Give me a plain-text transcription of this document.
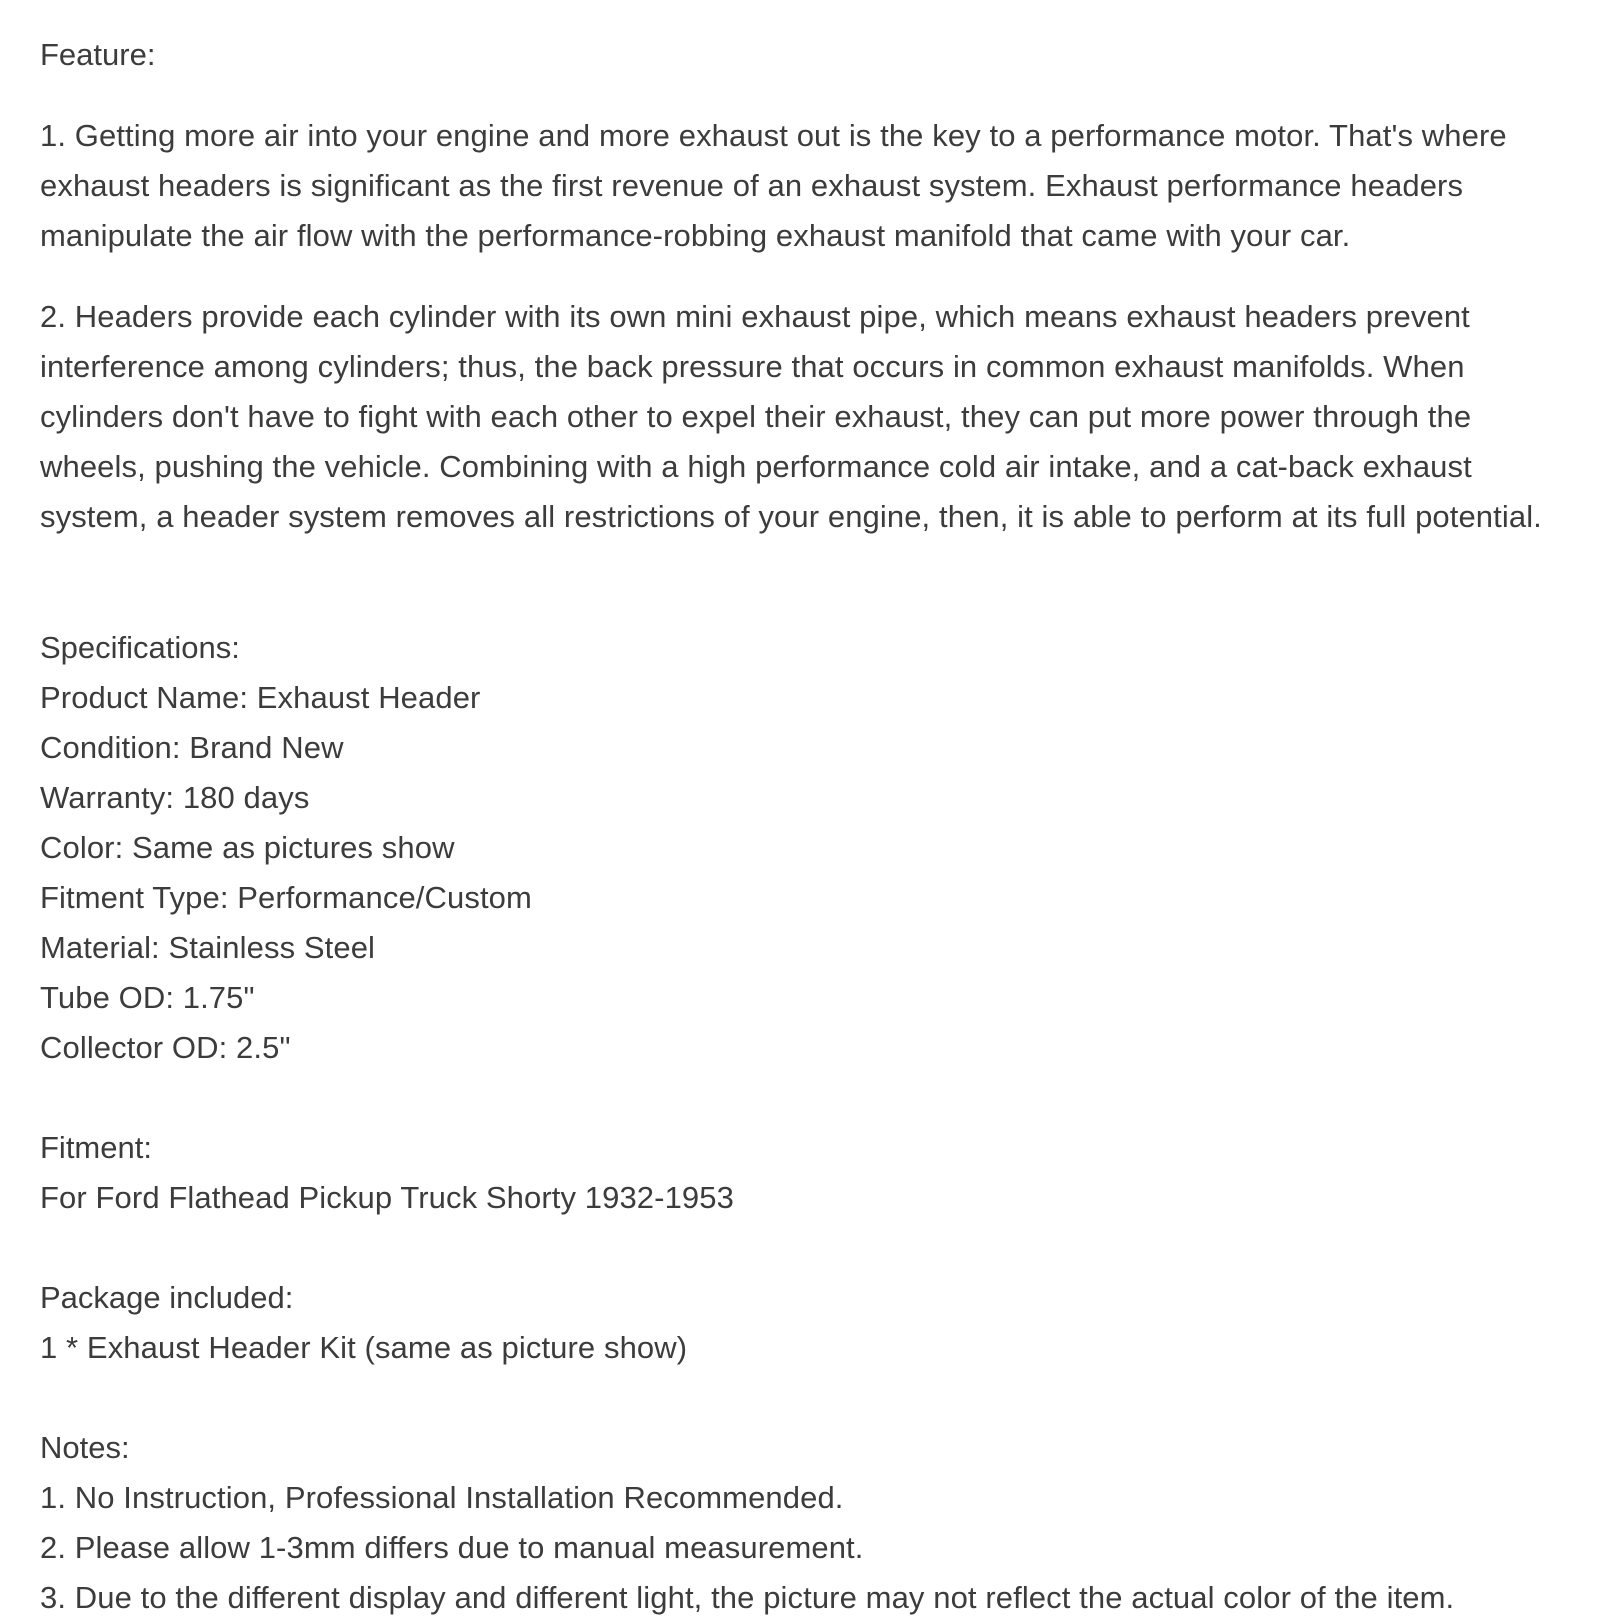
Feature:

1. Getting more air into your engine and more exhaust out is the key to a performance motor. That's where exhaust headers is significant as the first revenue of an exhaust system. Exhaust performance headers manipulate the air flow with the performance-robbing exhaust manifold that came with your car.

2. Headers provide each cylinder with its own mini exhaust pipe, which means exhaust headers prevent interference among cylinders; thus, the back pressure that occurs in common exhaust manifolds. When cylinders don't have to fight with each other to expel their exhaust, they can put more power through the wheels, pushing the vehicle. Combining with a high performance cold air intake, and a cat-back exhaust system, a header system removes all restrictions of your engine, then, it is able to perform at its full potential.

Specifications:
Product Name: Exhaust Header
Condition: Brand New
Warranty: 180 days
Color: Same as pictures show
Fitment Type: Performance/Custom
Material: Stainless Steel
Tube OD: 1.75"
Collector OD: 2.5"
Fitment:
For Ford Flathead Pickup Truck Shorty 1932-1953
Package included:
1 * Exhaust Header Kit (same as picture show)
Notes:
1. No Instruction, Professional Installation Recommended.
2. Please allow 1-3mm differs due to manual measurement.
3. Due to the different display and different light, the picture may not reflect the actual color of the item.
